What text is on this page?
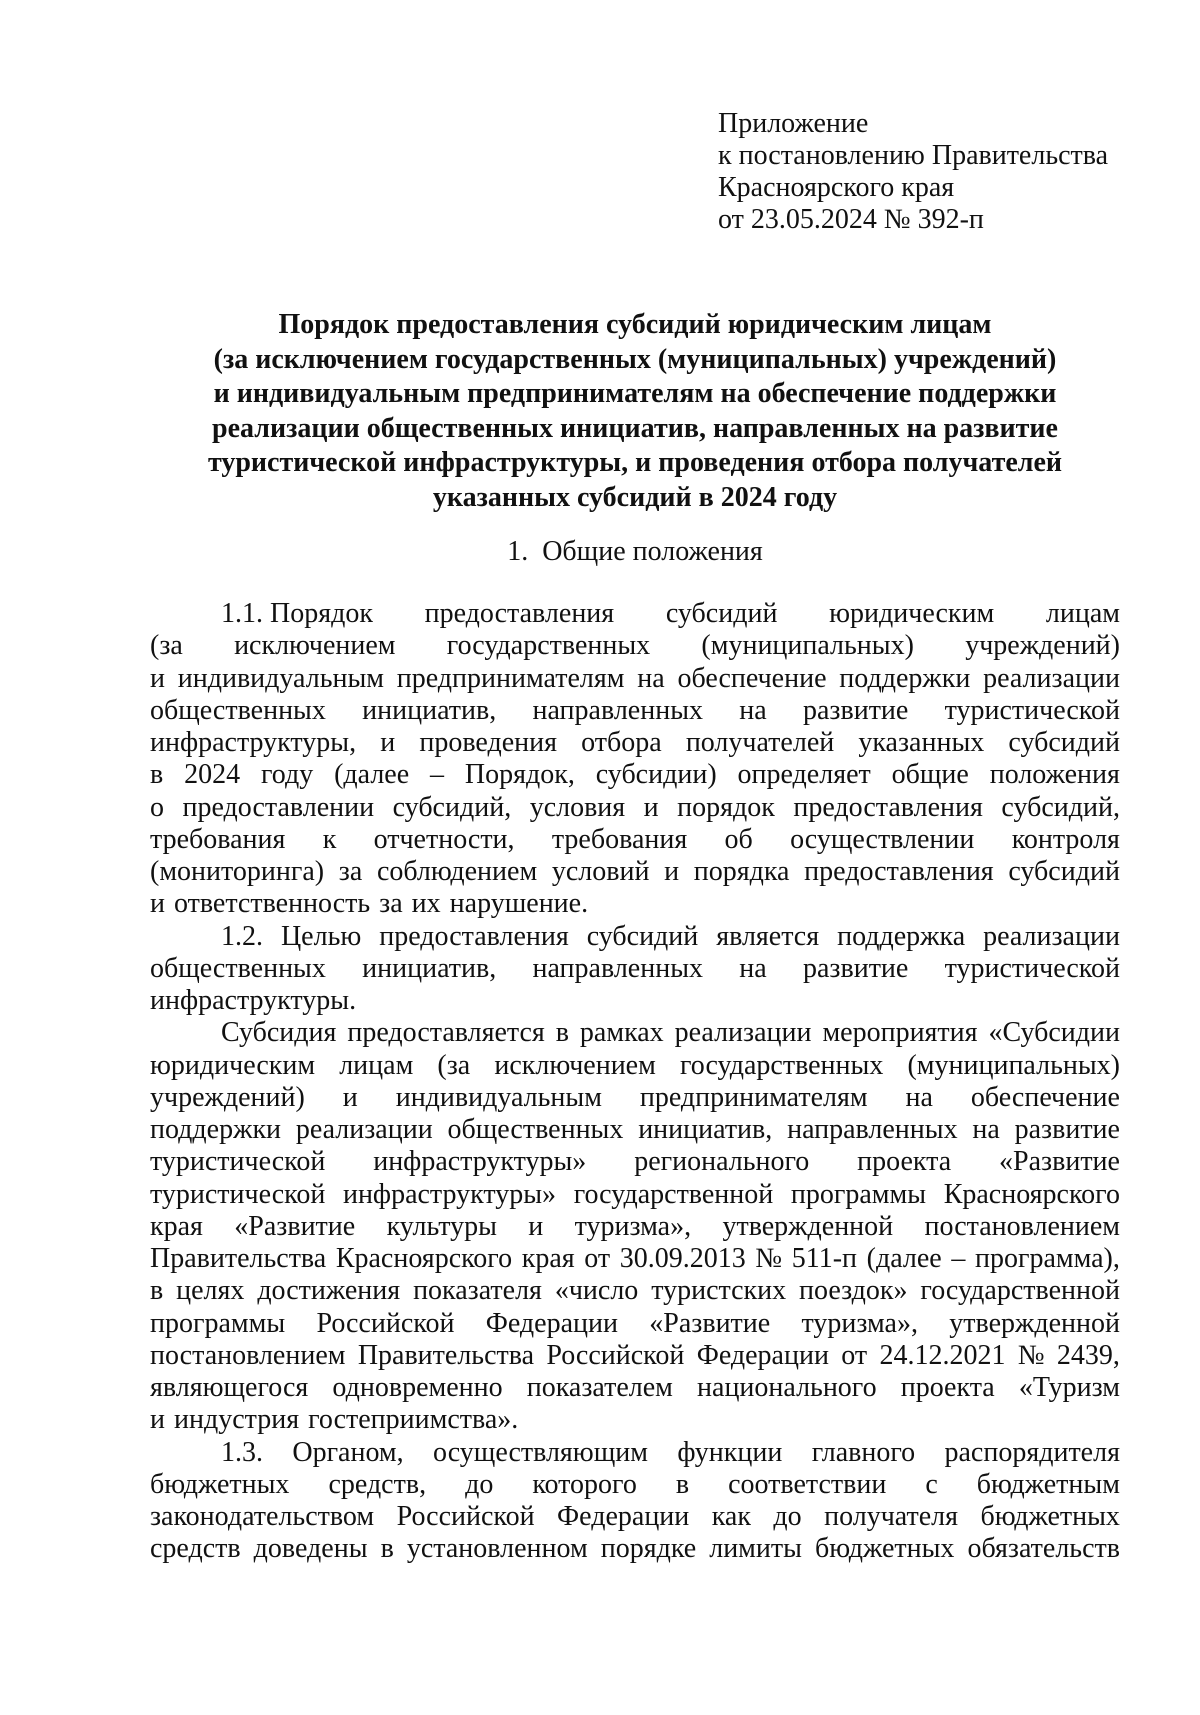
Приложение
к постановлению Правительства
Красноярского края
от 23.05.2024 № 392-п
Порядок предоставления субсидий юридическим лицам
(за исключением государственных (муниципальных) учреждений)
и индивидуальным предпринимателям на обеспечение поддержки
реализации общественных инициатив, направленных на развитие
туристической инфраструктуры, и проведения отбора получателей
указанных субсидий в 2024 году
1. Общие положения
1.1. Порядок предоставления субсидий юридическим лицам
(за исключением государственных (муниципальных) учреждений)
и индивидуальным предпринимателям на обеспечение поддержки реализации
общественных инициатив, направленных на развитие туристической
инфраструктуры, и проведения отбора получателей указанных субсидий
в 2024 году (далее – Порядок, субсидии) определяет общие положения
о предоставлении субсидий, условия и порядок предоставления субсидий,
требования к отчетности, требования об осуществлении контроля
(мониторинга) за соблюдением условий и порядка предоставления субсидий
и ответственность за их нарушение.
1.2. Целью предоставления субсидий является поддержка реализации
общественных инициатив, направленных на развитие туристической
инфраструктуры.
Субсидия предоставляется в рамках реализации мероприятия «Субсидии
юридическим лицам (за исключением государственных (муниципальных)
учреждений) и индивидуальным предпринимателям на обеспечение
поддержки реализации общественных инициатив, направленных на развитие
туристической инфраструктуры» регионального проекта «Развитие
туристической инфраструктуры» государственной программы Красноярского
края «Развитие культуры и туризма», утвержденной постановлением
Правительства Красноярского края от 30.09.2013 № 511-п (далее – программа),
в целях достижения показателя «число туристских поездок» государственной
программы Российской Федерации «Развитие туризма», утвержденной
постановлением Правительства Российской Федерации от 24.12.2021 № 2439,
являющегося одновременно показателем национального проекта «Туризм
и индустрия гостеприимства».
1.3. Органом, осуществляющим функции главного распорядителя
бюджетных средств, до которого в соответствии с бюджетным
законодательством Российской Федерации как до получателя бюджетных
средств доведены в установленном порядке лимиты бюджетных обязательств
